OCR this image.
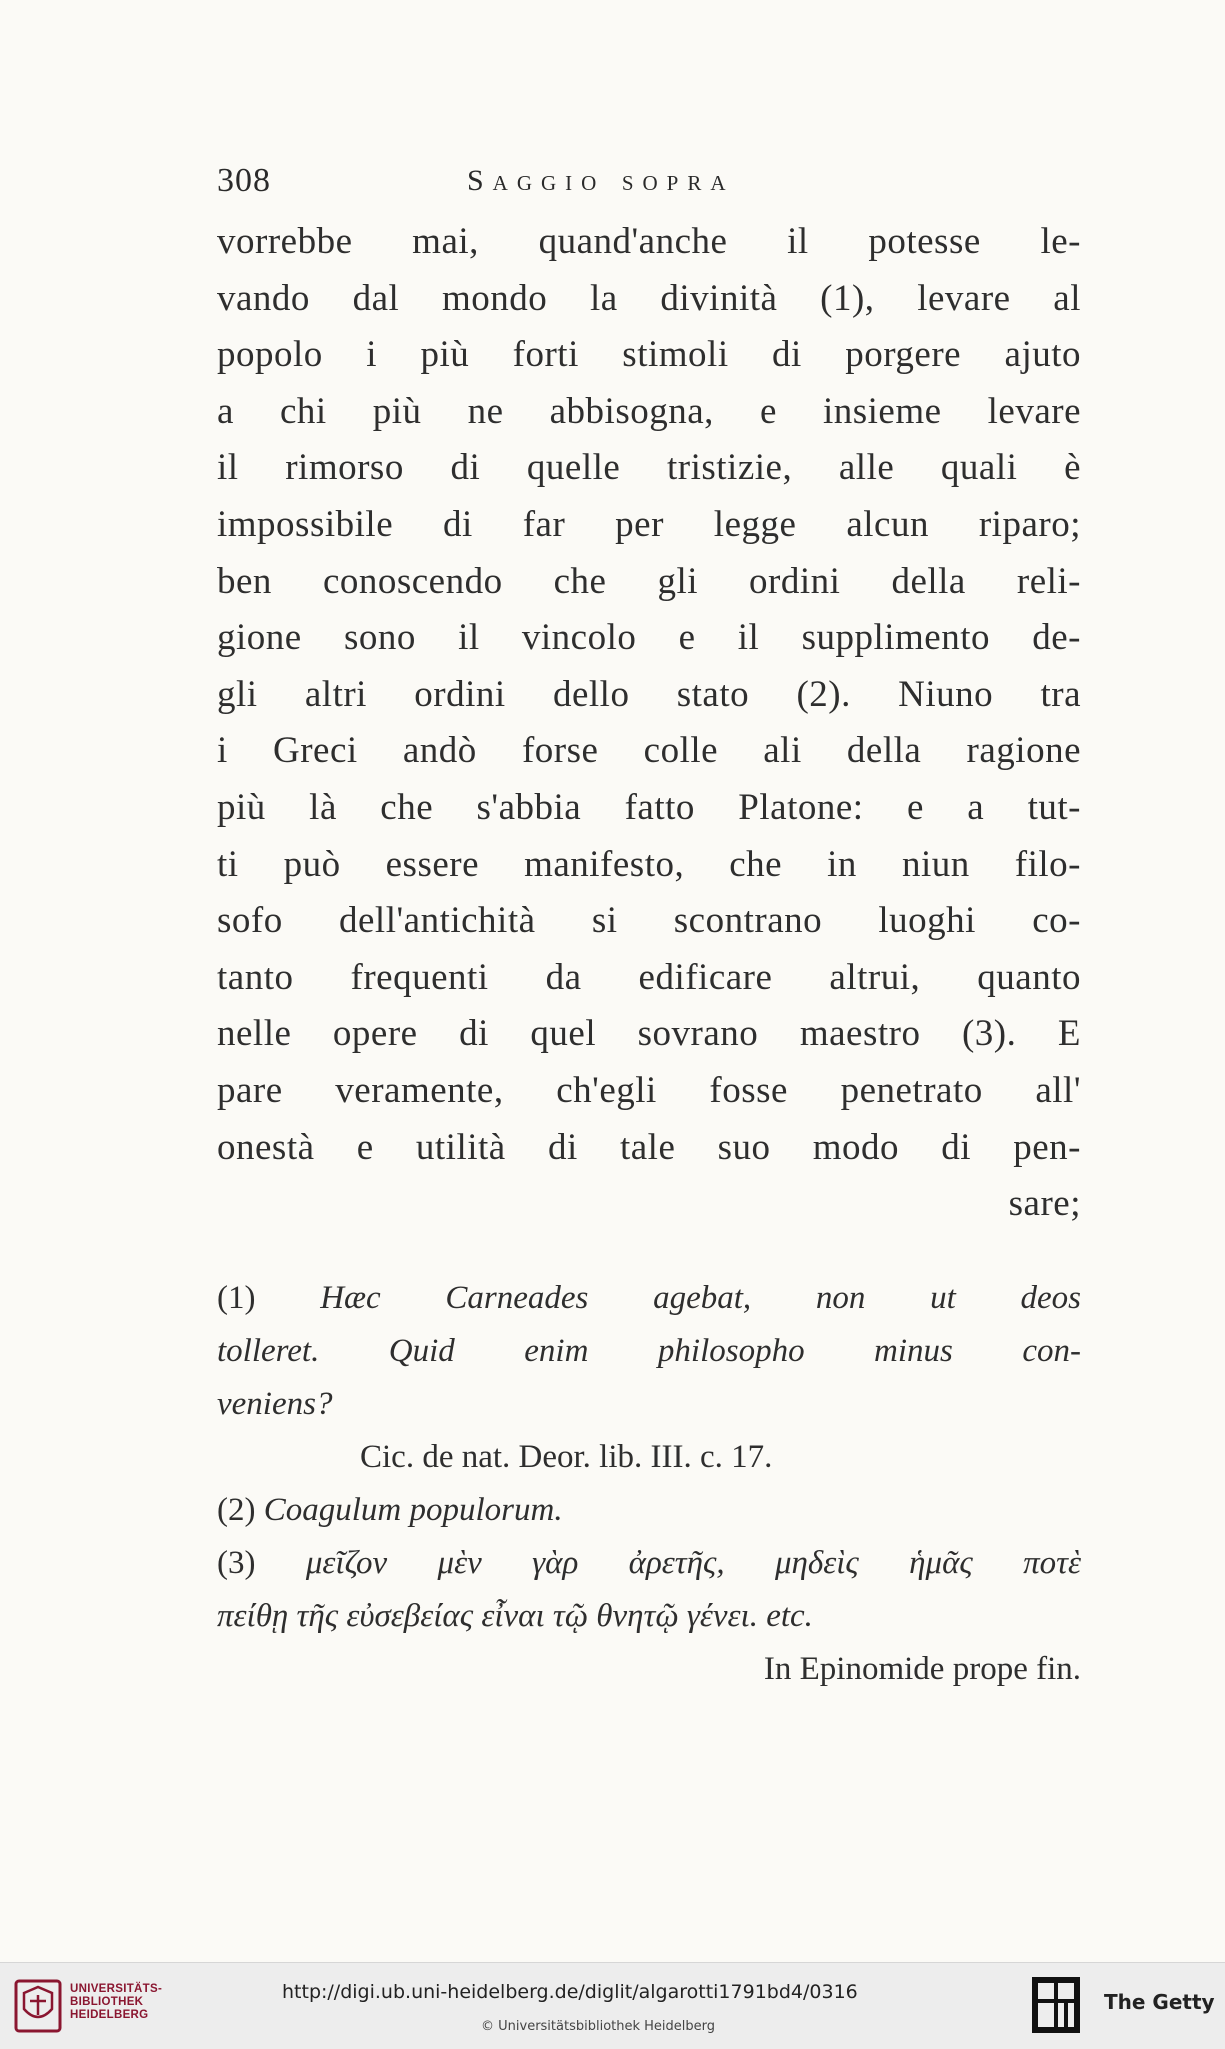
308	Saggio sopra
vorrebbe mai, quand'anche il potesse le-
vando dal mondo la divinità (1), levare al
popolo i più forti stimoli di porgere ajuto
a chi più ne abbisogna, e insieme levare
il rimorso di quelle tristizie, alle quali è
impossibile di far per legge alcun riparo;
ben conoscendo che gli ordini della reli-
gione sono il vincolo e il supplimento de-
gli altri ordini dello stato (2). Niuno tra
i Greci andò forse colle ali della ragione
più là che s'abbia fatto Platone: e a tut-
ti può essere manifesto, che in niun filo-
sofo dell'antichità si scontrano luoghi co-
tanto frequenti da edificare altrui, quanto
nelle opere di quel sovrano maestro (3). E
pare veramente, ch'egli fosse penetrato all'
onestà e utilità di tale suo modo di pen-
sare;
(1) Hæc Carneades agebat, non ut deos
tolleret. Quid enim philosopho minus con-
veniens?
Cic. de nat. Deor. lib. III. c. 17.
(2) Coagulum populorum.
(3) μεῖζον μὲν γὰρ ἀρετῆς, μηδεὶς ἡμᾶς ποτὲ
πείθῃ τῆς εὐσεβείας εἶναι τῷ θνητῷ γένει. etc.
In Epinomide prope fin.
UNIVERSITÄTS-
BIBLIOTHEK
HEIDELBERG
http://digi.ub.uni-heidelberg.de/diglit/algarotti1791bd4/0316
© Universitätsbibliothek Heidelberg
The Getty
